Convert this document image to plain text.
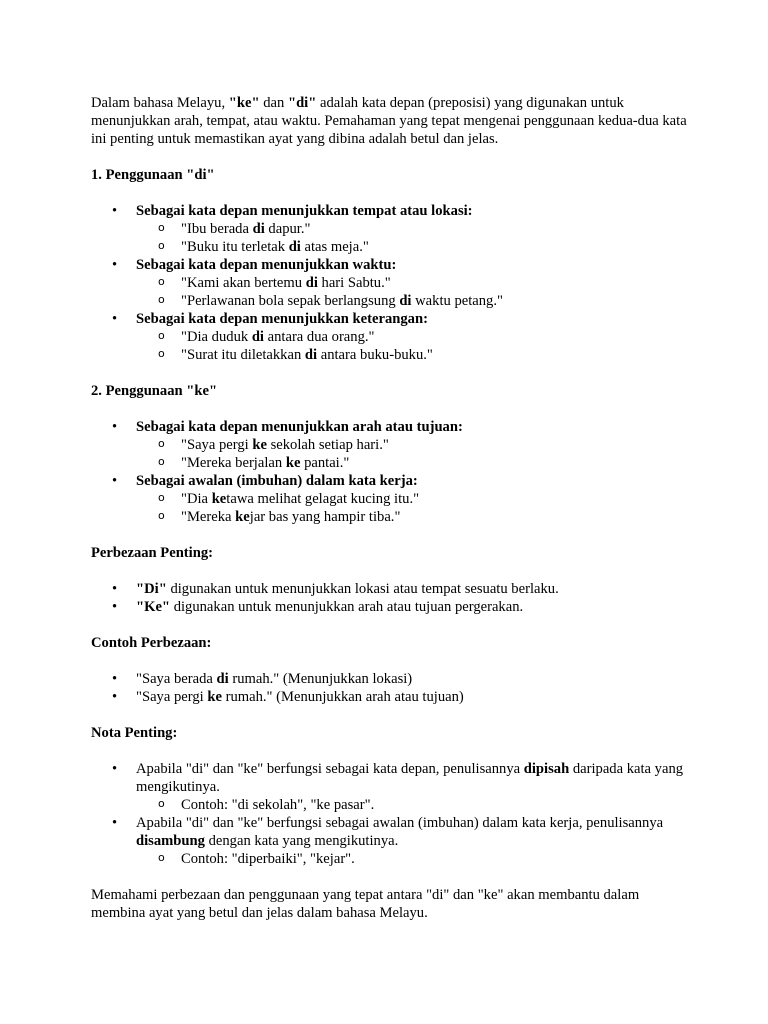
Dalam bahasa Melayu, "ke" dan "di" adalah kata depan (preposisi) yang digunakan untuk menunjukkan arah, tempat, atau waktu. Pemahaman yang tepat mengenai penggunaan kedua-dua kata ini penting untuk memastikan ayat yang dibina adalah betul dan jelas.

1. Penggunaan "di"

•	Sebagai kata depan menunjukkan tempat atau lokasi:
o "Ibu berada di dapur."
o "Buku itu terletak di atas meja."
•	Sebagai kata depan menunjukkan waktu:
o "Kami akan bertemu di hari Sabtu."
o "Perlawanan bola sepak berlangsung di waktu petang."
•	Sebagai kata depan menunjukkan keterangan:
o "Dia duduk di antara dua orang."
o "Surat itu diletakkan di antara buku-buku."

2. Penggunaan "ke"

•	Sebagai kata depan menunjukkan arah atau tujuan:
o "Saya pergi ke sekolah setiap hari."
o "Mereka berjalan ke pantai."
•	Sebagai awalan (imbuhan) dalam kata kerja:
o "Dia ketawa melihat gelagat kucing itu."
o "Mereka kejar bas yang hampir tiba."

Perbezaan Penting:

•	"Di" digunakan untuk menunjukkan lokasi atau tempat sesuatu berlaku.
•	"Ke" digunakan untuk menunjukkan arah atau tujuan pergerakan.

Contoh Perbezaan:

•	"Saya berada di rumah." (Menunjukkan lokasi)
•	"Saya pergi ke rumah." (Menunjukkan arah atau tujuan)

Nota Penting:

•	Apabila "di" dan "ke" berfungsi sebagai kata depan, penulisannya dipisah daripada kata yang mengikutinya.
o Contoh: "di sekolah", "ke pasar".
•	Apabila "di" dan "ke" berfungsi sebagai awalan (imbuhan) dalam kata kerja, penulisannya disambung dengan kata yang mengikutinya.
o Contoh: "diperbaiki", "kejar".

Memahami perbezaan dan penggunaan yang tepat antara "di" dan "ke" akan membantu dalam membina ayat yang betul dan jelas dalam bahasa Melayu.
